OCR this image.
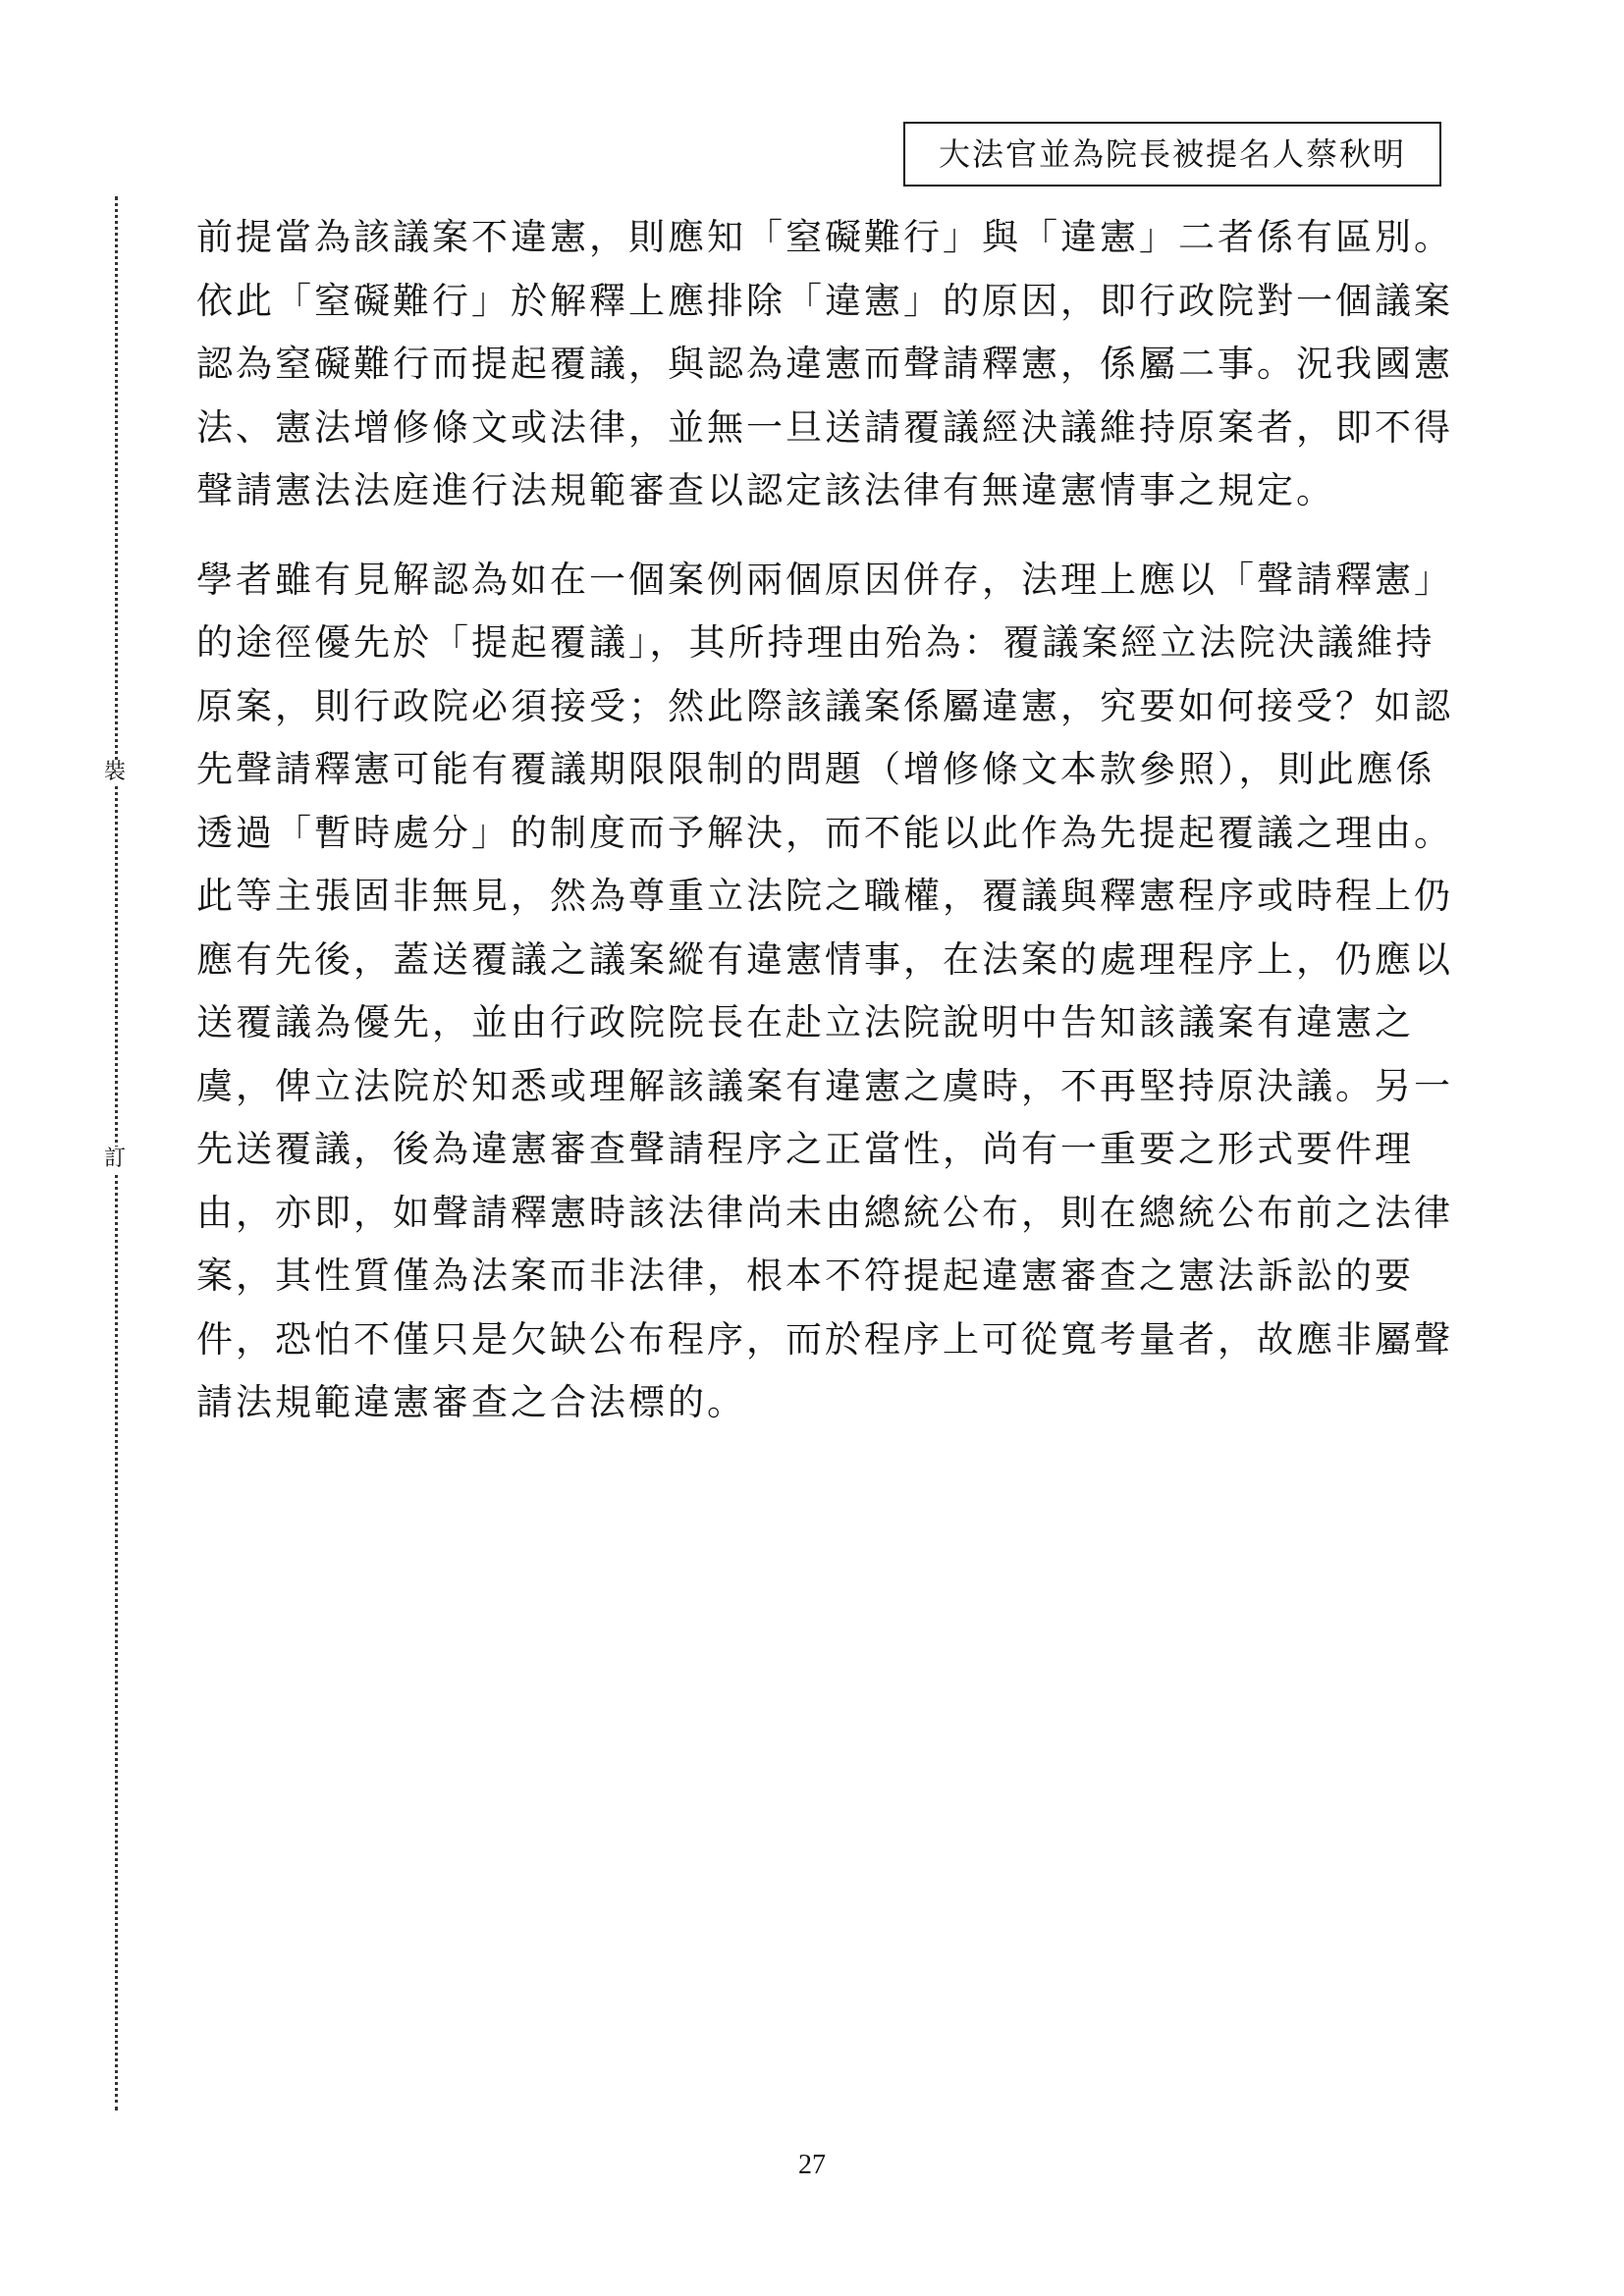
大法官並為院長被提名人蔡秋明
裝
訂

前提當為該議案不違憲，則應知「窒礙難行」與「違憲」二者係有區別。
依此「窒礙難行」於解釋上應排除「違憲」的原因，即行政院對一個議案
認為窒礙難行而提起覆議，與認為違憲而聲請釋憲，係屬二事。況我國憲
法、憲法增修條文或法律，並無一旦送請覆議經決議維持原案者，即不得
聲請憲法法庭進行法規範審查以認定該法律有無違憲情事之規定。

學者雖有見解認為如在一個案例兩個原因併存，法理上應以「聲請釋憲」
的途徑優先於「提起覆議」，其所持理由殆為：覆議案經立法院決議維持
原案，則行政院必須接受；然此際該議案係屬違憲，究要如何接受？如認
先聲請釋憲可能有覆議期限限制的問題（增修條文本款參照），則此應係
透過「暫時處分」的制度而予解決，而不能以此作為先提起覆議之理由。
此等主張固非無見，然為尊重立法院之職權，覆議與釋憲程序或時程上仍
應有先後，蓋送覆議之議案縱有違憲情事，在法案的處理程序上，仍應以
送覆議為優先，並由行政院院長在赴立法院說明中告知該議案有違憲之
虞，俾立法院於知悉或理解該議案有違憲之虞時，不再堅持原決議。另一
先送覆議，後為違憲審查聲請程序之正當性，尚有一重要之形式要件理
由，亦即，如聲請釋憲時該法律尚未由總統公布，則在總統公布前之法律
案，其性質僅為法案而非法律，根本不符提起違憲審查之憲法訴訟的要
件，恐怕不僅只是欠缺公布程序，而於程序上可從寬考量者，故應非屬聲
請法規範違憲審查之合法標的。

27
